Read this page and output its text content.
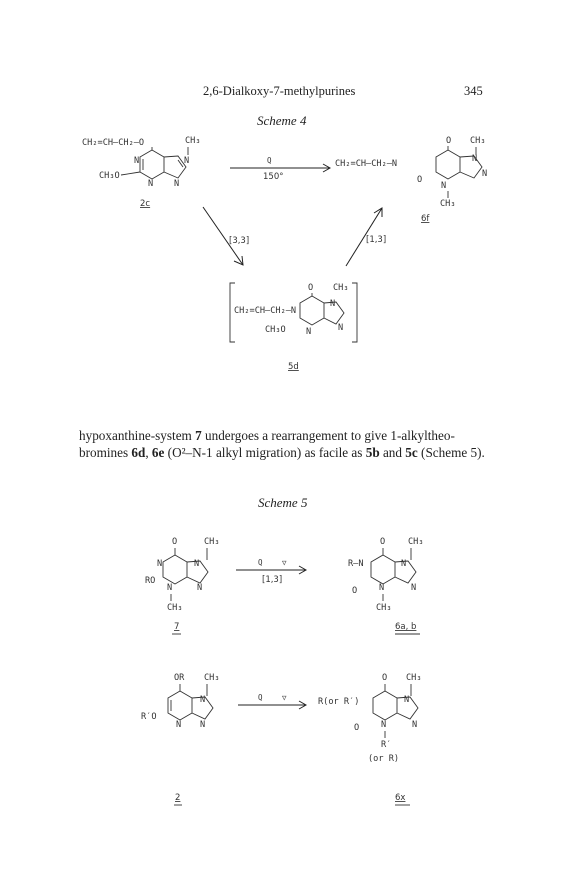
2,6-Dialkoxy-7-methylpurines	345
Scheme 4
CH₂=CH–CH₂–O	CH₃
N
N
N N
CH₃O
2c
Q
150°
O CH₃
CH₂=CH–CH₂–N	N
N
O
N
CH₃
6f
[3,3]	[1,3]
O CH₃
CH₂=CH–CH₂–N
N
N
CH₃O N
5d
hypoxanthine-system 7 undergoes a rearrangement to give 1-alkyltheo-bromines 6d, 6e (O²–N-1 alkyl migration) as facile as 5b and 5c (Scheme 5).
Scheme 5
O	CH₃
N	N
N	N
RO
CH₃
7
Q	▽
[1,3]
O	CH₃
R–N	N
N
O	N
CH₃
6a, b
OR CH₃
N
N N
R′O
2
Q	▽
O CH₃
R(or R′)	N
N
O	N
R′
(or R)
6x
